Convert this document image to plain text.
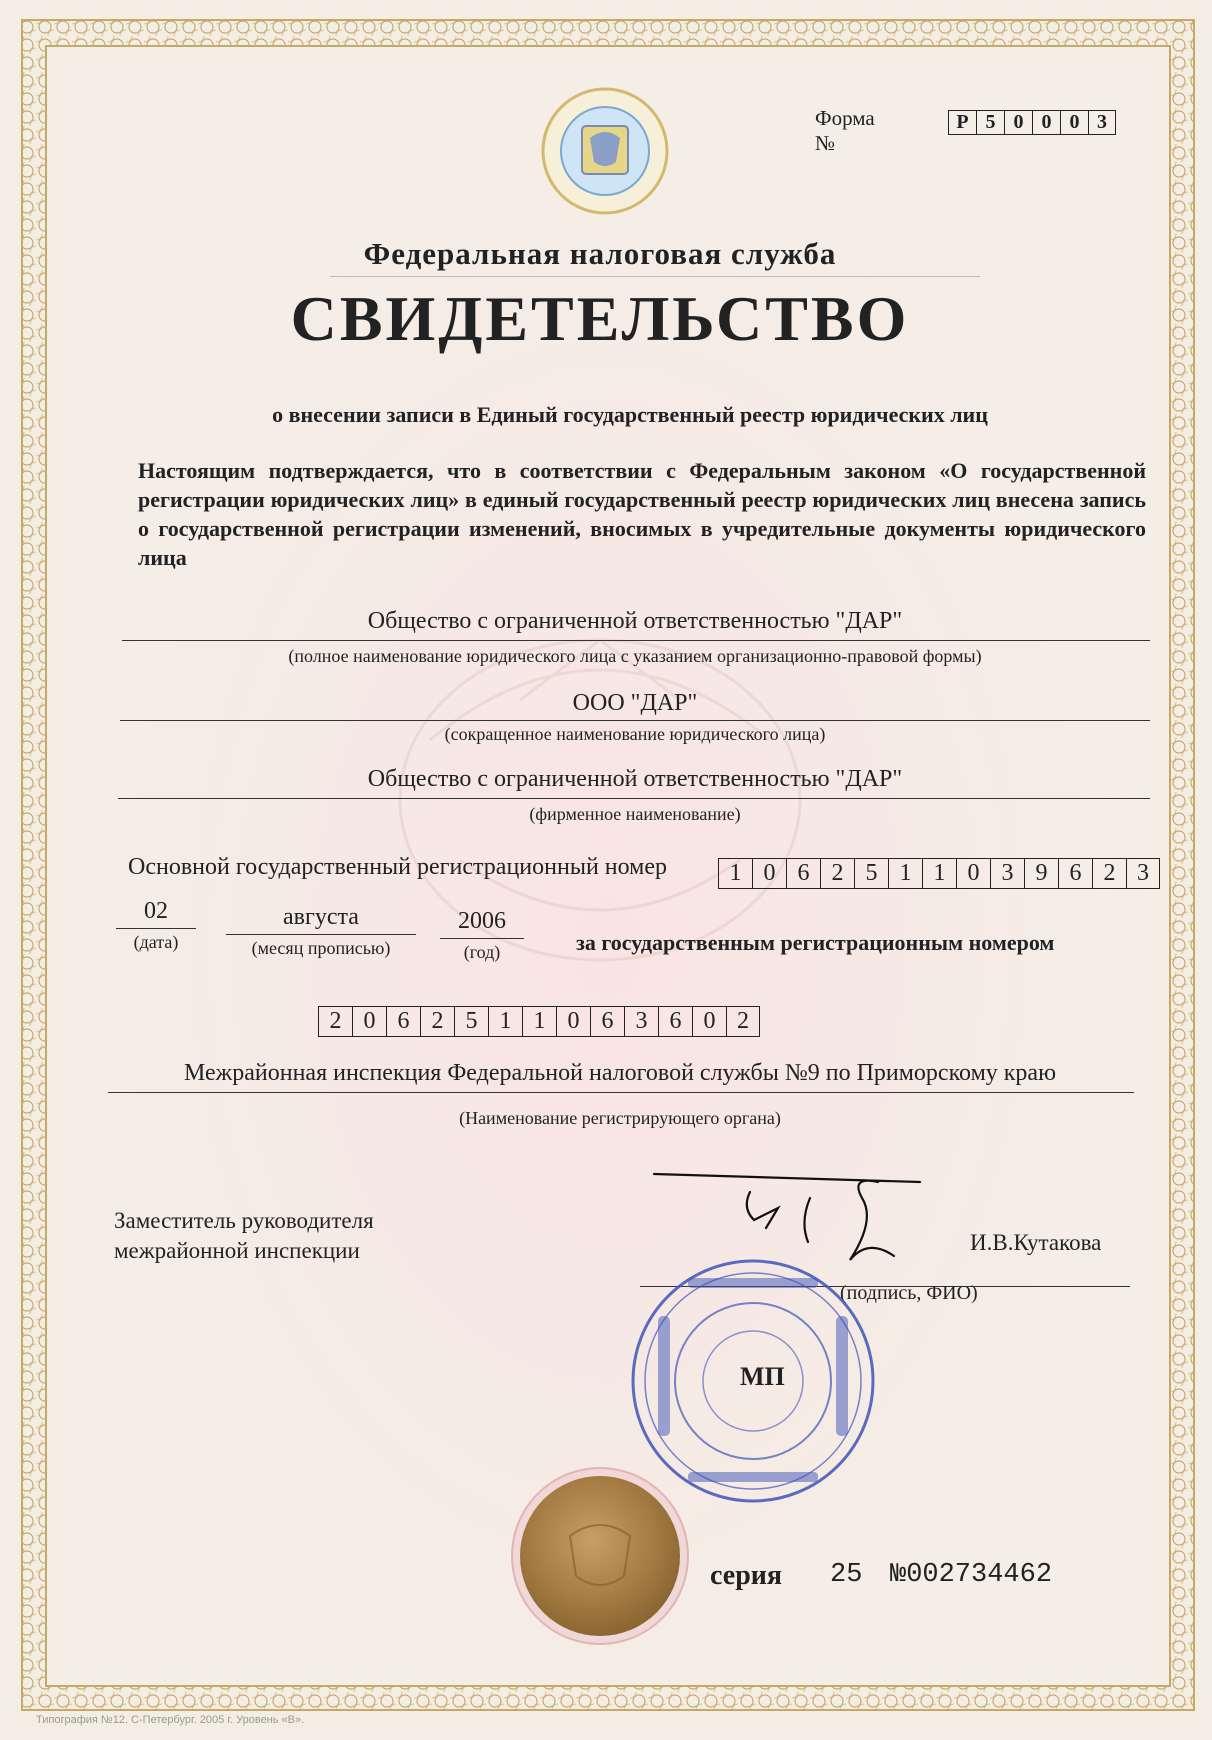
Форма №
Р 5 0 0 0 3
Федеральная налоговая служба
СВИДЕТЕЛЬСТВО
о внесении записи в Единый государственный реестр юридических лиц
Настоящим подтверждается, что в соответствии с Федеральным законом «О государственной регистрации юридических лиц» в единый государственный реестр юридических лиц внесена запись о государственной регистрации изменений, вносимых в учредительные документы юридического лица
Общество с ограниченной ответственностью "ДАР"
(полное наименование юридического лица с указанием организационно-правовой формы)
ООО "ДАР"
(сокращенное наименование юридического лица)
Общество с ограниченной ответственностью "ДАР"
(фирменное наименование)
Основной государственный регистрационный номер	1 0 6 2 5 1 1 0 3 9 6 2 3
02
(дата)
августа
(месяц прописью)
2006
(год)	за государственным регистрационным номером
2 0 6 2 5 1 1 0 6 3 6 0 2
Межрайонная инспекция Федеральной налоговой службы №9 по Приморскому краю
(Наименование регистрирующего органа)
Заместитель руководителя
межрайонной инспекции	И.В.Кутакова
(подпись, ФИО)
МП
серия 25 №002734462
Типография №12. С-Петербург. 2005 г. Уровень «В».
